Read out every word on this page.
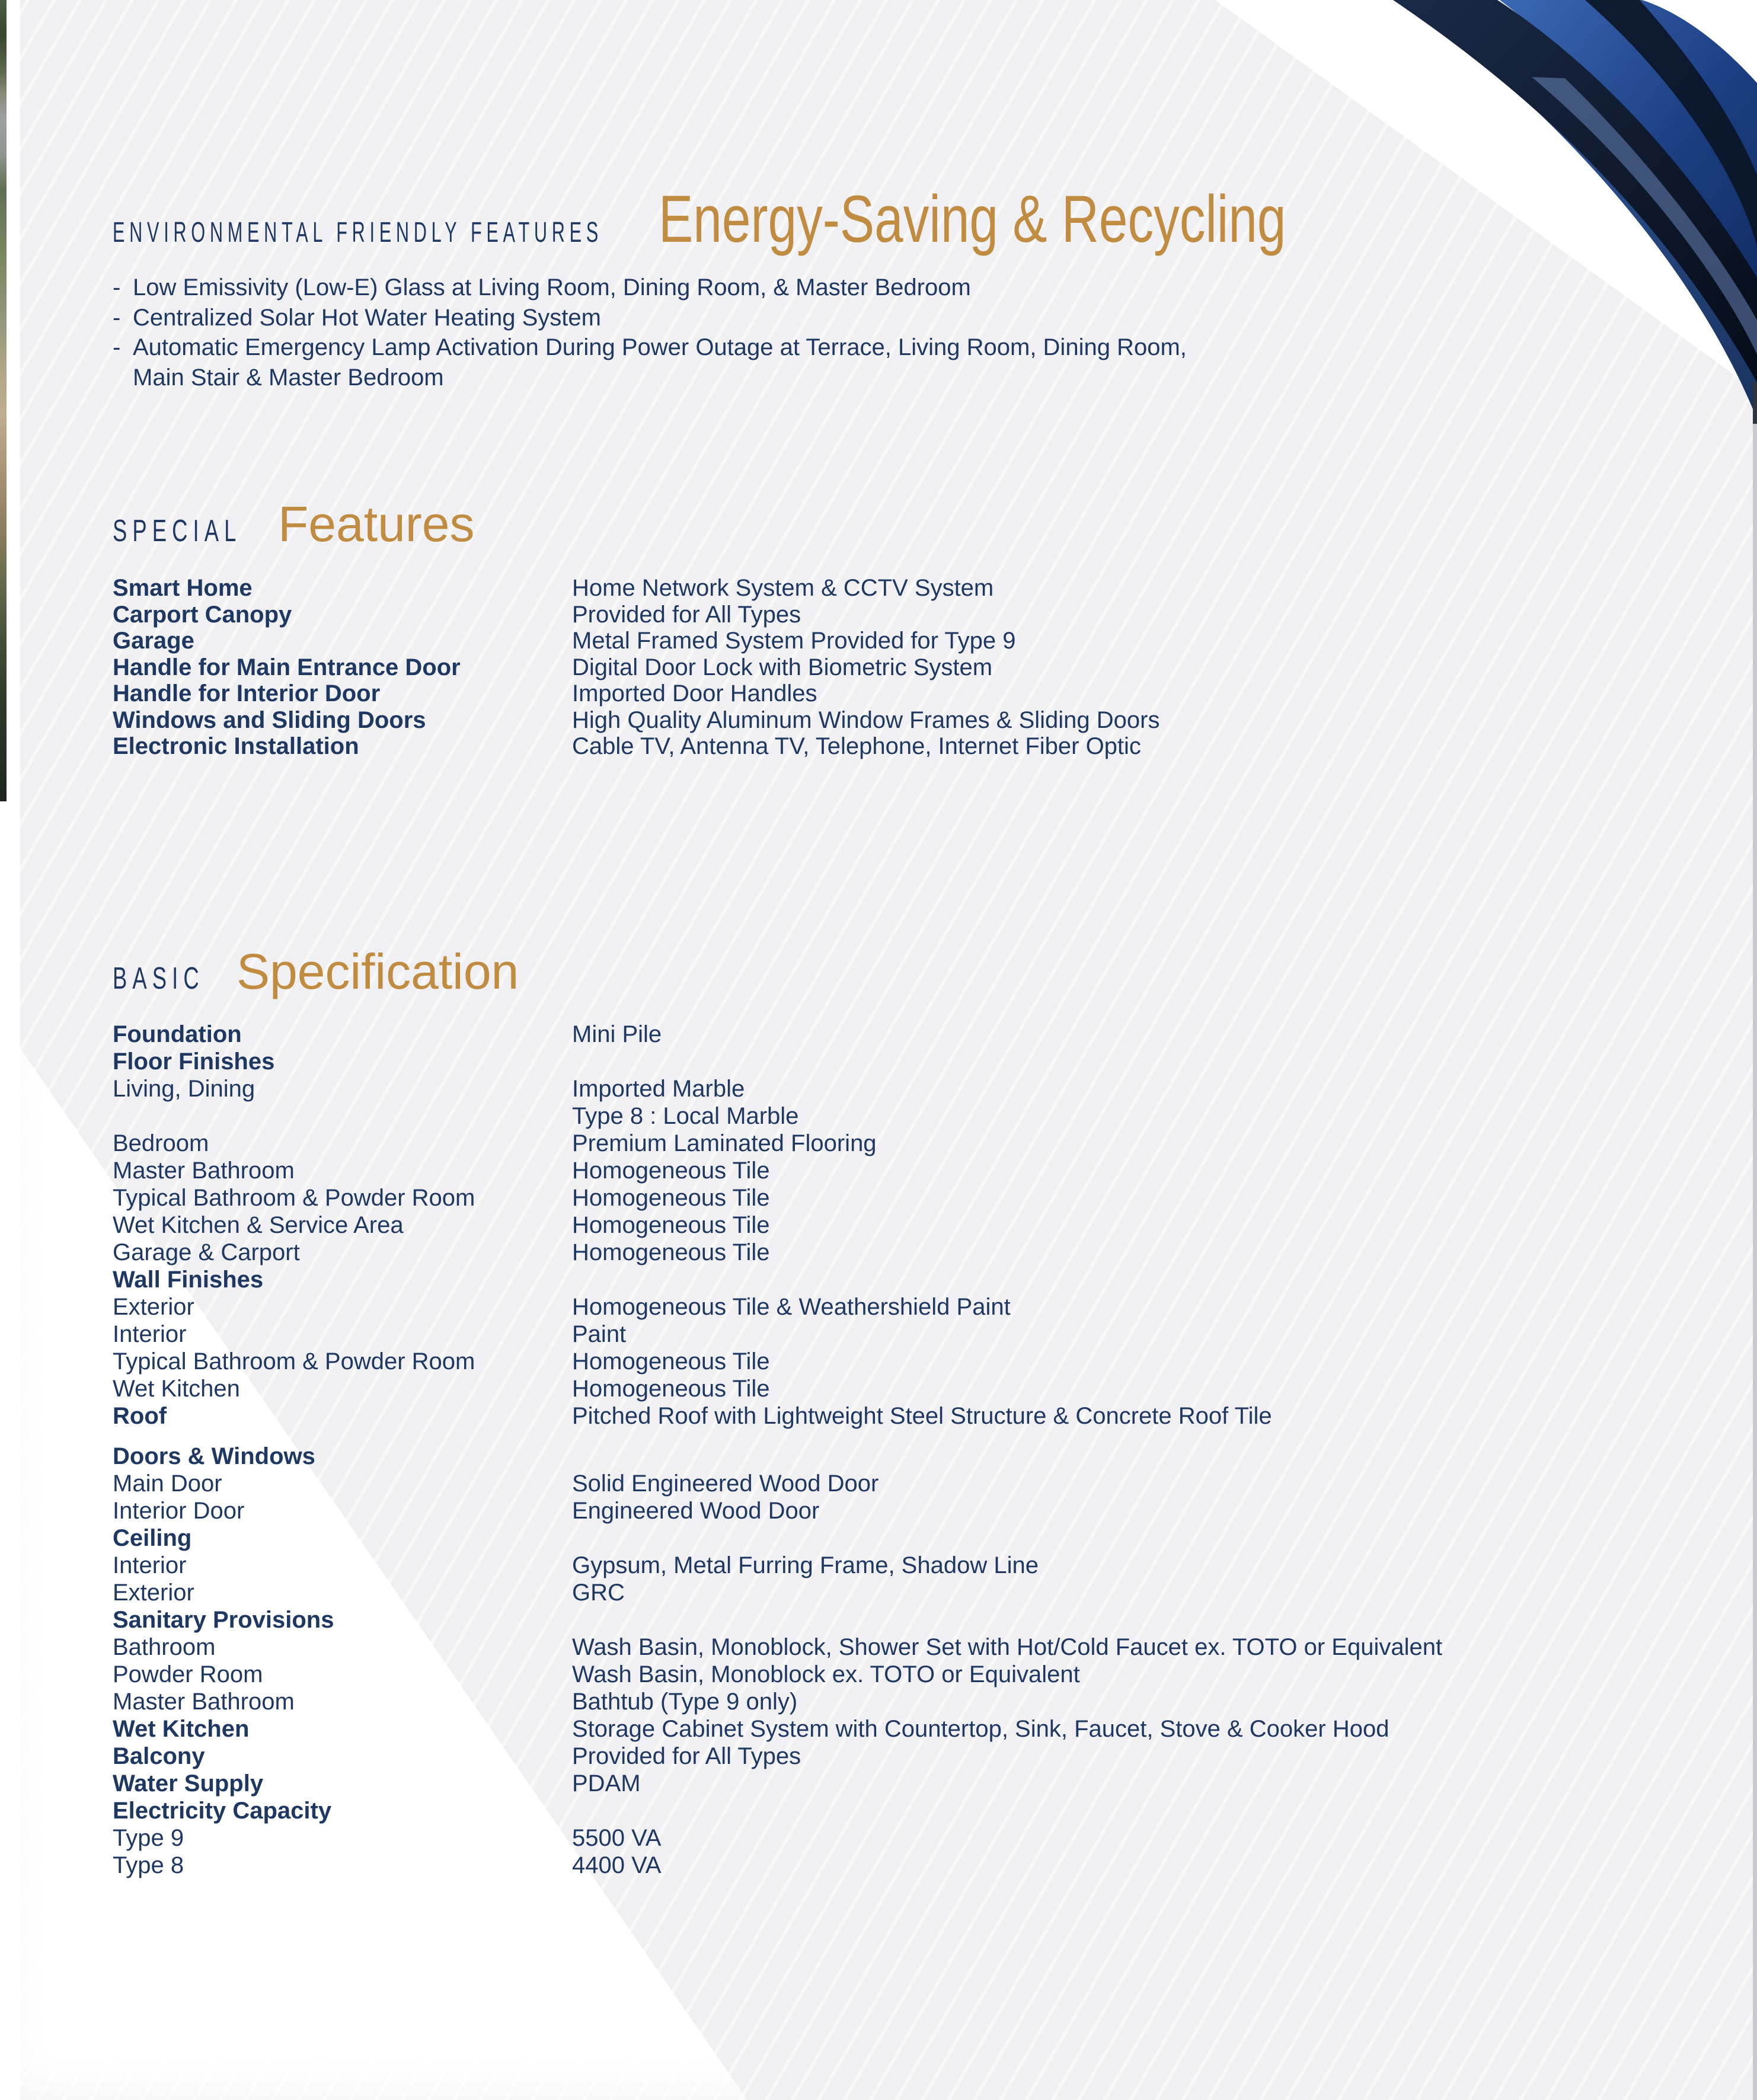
ENVIRONMENTAL FRIENDLY FEATURES Energy-Saving & Recycling
- Low Emissivity (Low-E) Glass at Living Room, Dining Room, & Master Bedroom
- Centralized Solar Hot Water Heating System
- Automatic Emergency Lamp Activation During Power Outage at Terrace, Living Room, Dining Room,
Main Stair & Master Bedroom
SPECIAL Features
Smart Home	Home Network System & CCTV System
Carport Canopy	Provided for All Types
Garage	Metal Framed System Provided for Type 9
Handle for Main Entrance Door	Digital Door Lock with Biometric System
Handle for Interior Door	Imported Door Handles
Windows and Sliding Doors	High Quality Aluminum Window Frames & Sliding Doors
Electronic Installation	Cable TV, Antenna TV, Telephone, Internet Fiber Optic
BASIC Specification
Foundation	Mini Pile
Floor Finishes
Living, Dining	Imported Marble
Type 8 : Local Marble
Bedroom	Premium Laminated Flooring
Master Bathroom	Homogeneous Tile
Typical Bathroom & Powder Room	Homogeneous Tile
Wet Kitchen & Service Area	Homogeneous Tile
Garage & Carport	Homogeneous Tile
Wall Finishes
Exterior	Homogeneous Tile & Weathershield Paint
Interior	Paint
Typical Bathroom & Powder Room	Homogeneous Tile
Wet Kitchen	Homogeneous Tile
Roof	Pitched Roof with Lightweight Steel Structure & Concrete Roof Tile
Doors & Windows
Main Door	Solid Engineered Wood Door
Interior Door	Engineered Wood Door
Ceiling
Interior	Gypsum, Metal Furring Frame, Shadow Line
Exterior	GRC
Sanitary Provisions
Bathroom	Wash Basin, Monoblock, Shower Set with Hot/Cold Faucet ex. TOTO or Equivalent
Powder Room	Wash Basin, Monoblock ex. TOTO or Equivalent
Master Bathroom	Bathtub (Type 9 only)
Wet Kitchen	Storage Cabinet System with Countertop, Sink, Faucet, Stove & Cooker Hood
Balcony	Provided for All Types
Water Supply	PDAM
Electricity Capacity
Type 9	5500 VA
Type 8	4400 VA
